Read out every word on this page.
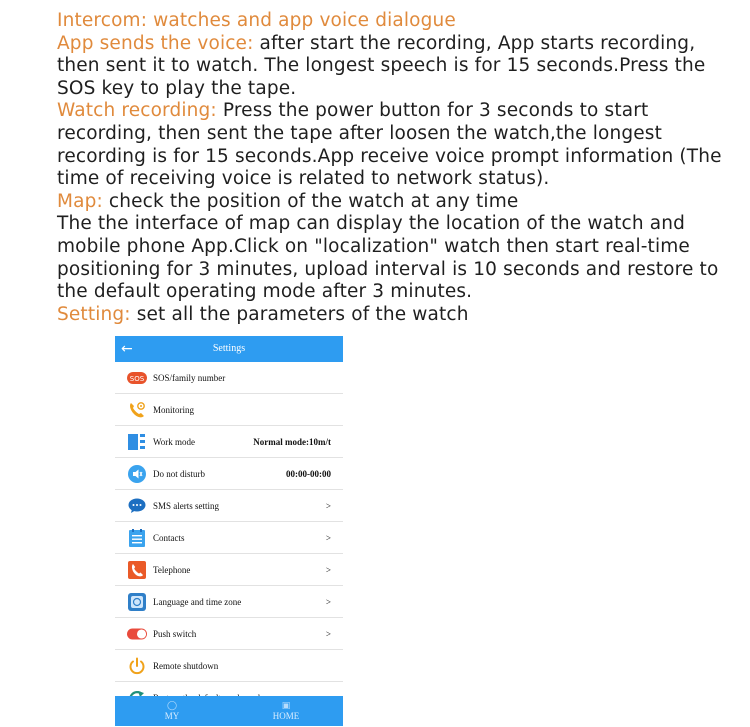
Intercom: watches and app voice dialogue

App sends the voice: after start the recording, App starts recording, then sent it to watch. The longest speech is for 15 seconds.Press the SOS key to play the tape.

Watch recording: Press the power button for 3 seconds to start recording, then sent the tape after loosen the watch,the longest recording is for 15 seconds.App receive voice prompt information (The time of receiving voice is related to network status).

Map: check the position of the watch at any time

The the interface of map can display the location of the watch and mobile phone App.Click on "localization" watch then start real-time positioning for 3 minutes, upload interval is 10 seconds and restore to the default operating mode after 3 minutes.

Setting: set all the parameters of the watch

←	Settings
SOS SOS/family number
Monitoring
Work mode	Normal mode:10m/t
Do not disturb	00:00-00:00
SMS alerts setting	>
Contacts	>
Telephone	>
Language and time zone	>
Push switch	>
Remote shutdown
◯
MY
▣
HOME
